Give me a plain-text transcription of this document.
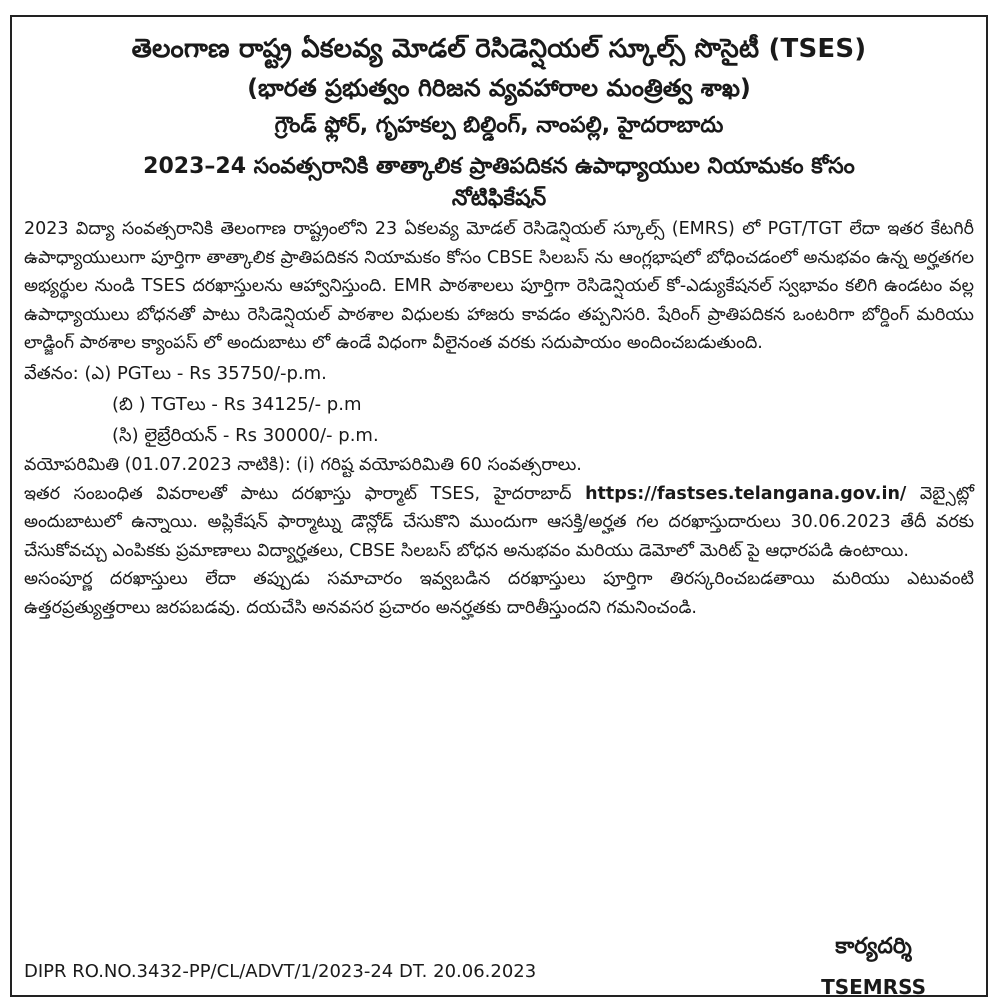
తెలంగాణ రాష్ట్ర ఏకలవ్య మోడల్ రెసిడెన్షియల్ స్కూల్స్ సొసైటీ (TSES)
(భారత ప్రభుత్వం గిరిజన వ్యవహారాల మంత్రిత్వ శాఖ)
గ్రౌండ్ ఫ్లోర్, గృహకల్ప బిల్డింగ్, నాంపల్లి, హైదరాబాదు
2023–24 సంవత్సరానికి తాత్కాలిక ప్రాతిపదికన ఉపాధ్యాయుల నియామకం కోసం
నోటిఫికేషన్

2023 విద్యా సంవత్సరానికి తెలంగాణ రాష్ట్రంలోని 23 ఏకలవ్య మోడల్ రెసిడెన్షియల్ స్కూల్స్ (EMRS) లో PGT/TGT లేదా ఇతర కేటగిరీ ఉపాధ్యాయులుగా పూర్తిగా తాత్కాలిక ప్రాతిపదికన నియామకం కోసం CBSE సిలబస్ ను ఆంగ్లభాషలో బోధించడంలో అనుభవం ఉన్న అర్హతగల అభ్యర్థుల నుండి TSES దరఖాస్తులను ఆహ్వానిస్తుంది. EMR పాఠశాలలు పూర్తిగా రెసిడెన్షియల్ కో-ఎడ్యుకేషనల్ స్వభావం కలిగి ఉండటం వల్ల ఉపాధ్యాయులు బోధనతో పాటు రెసిడెన్షియల్ పాఠశాల విధులకు హాజరు కావడం తప్పనిసరి. షేరింగ్ ప్రాతిపదికన ఒంటరిగా బోర్డింగ్ మరియు లాడ్జింగ్ పాఠశాల క్యాంపస్ లో అందుబాటు లో ఉండే విధంగా వీలైనంత వరకు సదుపాయం అందించబడుతుంది.

వేతనం: (ఎ) PGTలు - Rs 35750/-p.m.
(బి ) TGTలు - Rs 34125/- p.m
(సి) లైబ్రేరియన్ - Rs 30000/- p.m.

వయోపరిమితి (01.07.2023 నాటికి): (i) గరిష్ట వయోపరిమితి 60 సంవత్సరాలు.

ఇతర సంబంధిత వివరాలతో పాటు దరఖాస్తు ఫార్మాట్ TSES, హైదరాబాద్ https://fastses.telangana.gov.in/ వెబ్సైట్లో అందుబాటులో ఉన్నాయి. అప్లికేషన్ ఫార్మాట్ను డౌన్లోడ్ చేసుకొని ముందుగా ఆసక్తి/అర్హత గల దరఖాస్తుదారులు 30.06.2023 తేదీ వరకు చేసుకోవచ్చు ఎంపికకు ప్రమాణాలు విద్యార్హతలు, CBSE సిలబస్ బోధన అనుభవం మరియు డెమోలో మెరిట్ పై ఆధారపడి ఉంటాయి.

అసంపూర్ణ దరఖాస్తులు లేదా తప్పుడు సమాచారం ఇవ్వబడిన దరఖాస్తులు పూర్తిగా తిరస్కరించబడతాయి మరియు ఎటువంటి ఉత్తరప్రత్యుత్తరాలు జరపబడవు. దయచేసి అనవసర ప్రచారం అనర్హతకు దారితీస్తుందని గమనించండి.

కార్యదర్శి
TSEMRSS
DIPR RO.NO.3432-PP/CL/ADVT/1/2023-24 DT. 20.06.2023
